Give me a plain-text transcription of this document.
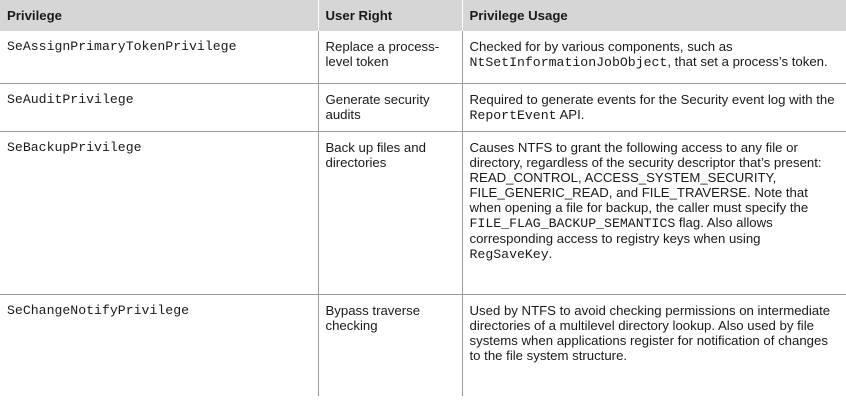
Privilege	User Right	Privilege Usage
SeAssignPrimaryTokenPrivilege	Replace a process-level token	Checked for by various components, such as NtSetInformationJobObject, that set a process’s token.
SeAuditPrivilege	Generate security audits	Required to generate events for the Security event log with the ReportEvent API.
SeBackupPrivilege	Back up files and directories	Causes NTFS to grant the following access to any file or directory, regardless of the security descriptor that’s present: READ_CONTROL, ACCESS_SYSTEM_SECURITY, FILE_GENERIC_READ, and FILE_TRAVERSE. Note that when opening a file for backup, the caller must specify the FILE_FLAG_BACKUP_SEMANTICS flag. Also allows corresponding access to registry keys when using RegSaveKey.
SeChangeNotifyPrivilege	Bypass traverse checking	Used by NTFS to avoid checking permissions on intermediate directories of a multilevel directory lookup. Also used by file systems when applications register for notification of changes to the file system structure.
